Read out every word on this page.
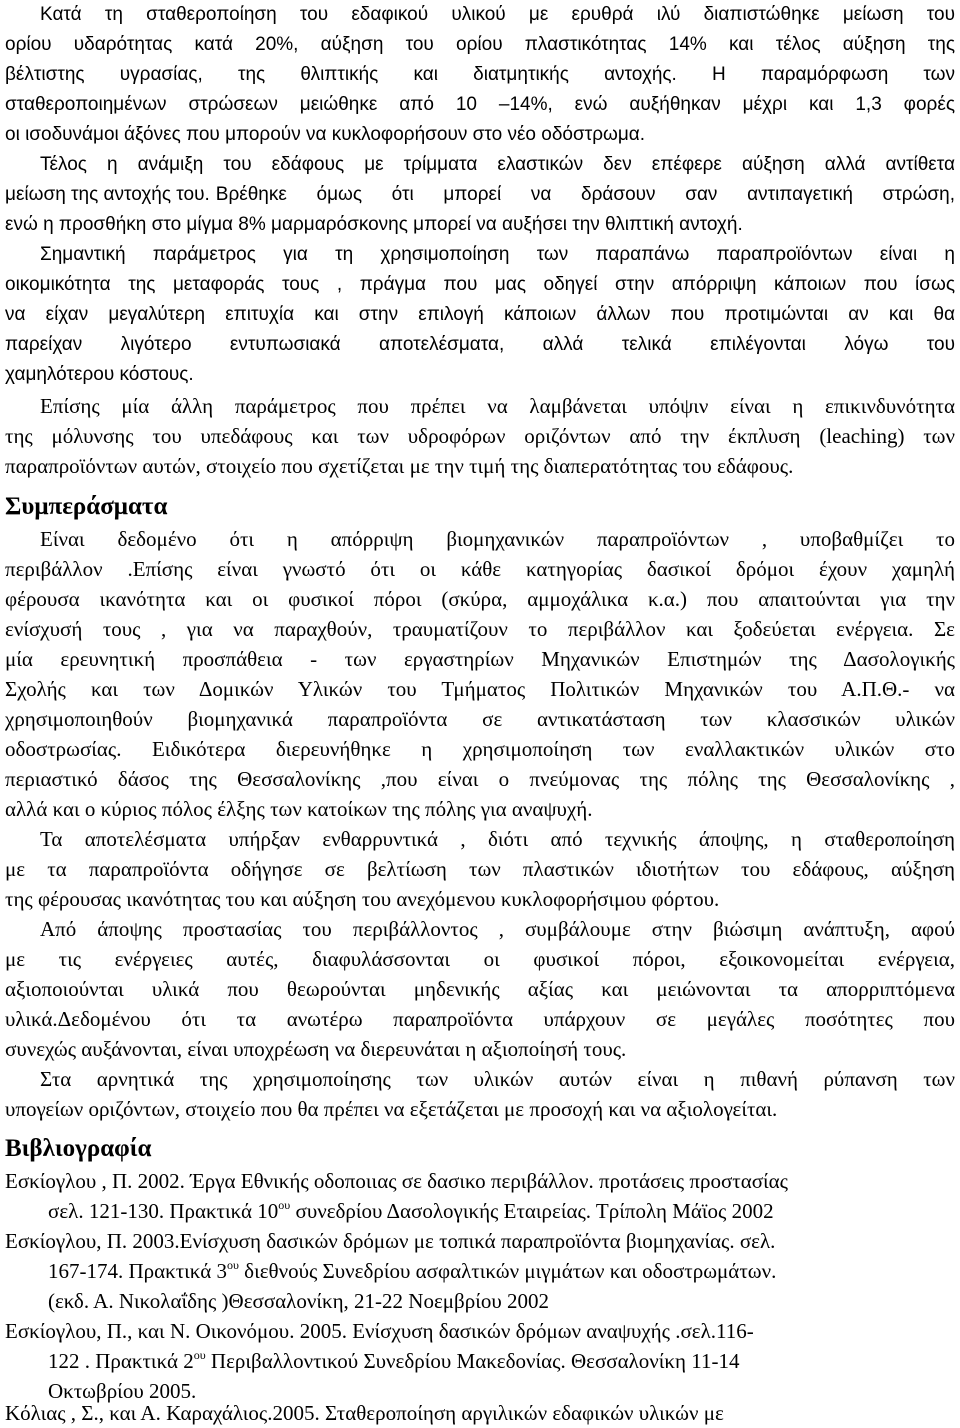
Κατά τη σταθεροποίηση του εδαφικού υλικού με ερυθρά ιλύ διαπιστώθηκε μείωση του
ορίου υδαρότητας κατά 20%, αύξηση του ορίου πλαστικότητας 14% και τέλος αύξηση της
βέλτιστης υγρασίας, της θλιπτικής και διατμητικής αντοχής. Η παραμόρφωση των
σταθεροποιημένων στρώσεων μειώθηκε από 10 –14%, ενώ αυξήθηκαν μέχρι και 1,3 φορές
οι ισοδυνάμοι άξόνες που μπορούν να κυκλοφορήσουν στο νέο οδόστρωμα.
Τέλος η ανάμιξη του εδάφους με τρίμματα ελαστικών δεν επέφερε αύξηση αλλά αντίθετα
μείωση της αντοχής του. Βρέθηκε όμως ότι μπορεί να δράσουν σαν αντιπαγετική στρώση,
ενώ η προσθήκη στο μίγμα 8% μαρμαρόσκονης μπορεί να αυξήσει την θλιπτική αντοχή.
Σημαντική παράμετρος για τη χρησιμοποίηση των παραπάνω παραπροϊόντων είναι η
οικομικότητα της μεταφοράς τους , πράγμα που μας οδηγεί στην απόρριψη κάποιων που ίσως
να είχαν μεγαλύτερη επιτυχία και στην επιλογή κάποιων άλλων που προτιμώνται αν και θα
παρείχαν λιγότερο εντυπωσιακά αποτελέσματα, αλλά τελικά επιλέγονται λόγω του
χαμηλότερου κόστους.
Επίσης μία άλλη παράμετρος που πρέπει να λαμβάνεται υπόψιν είναι η επικινδυνότητα
της μόλυνσης του υπεδάφους και των υδροφόρων οριζόντων από την έκπλυση (leaching) των
παραπροϊόντων αυτών, στοιχείο που σχετίζεται με την τιμή της διαπερατότητας του εδάφους.
Συμπεράσματα
Είναι δεδομένο ότι η απόρριψη βιομηχανικών παραπροϊόντων , υποβαθμίζει το
περιβάλλον .Επίσης είναι γνωστό ότι οι κάθε κατηγορίας δασικοί δρόμοι έχουν χαμηλή
φέρουσα ικανότητα και οι φυσικοί πόροι (σκύρα, αμμοχάλικα κ.α.) που απαιτούνται για την
ενίσχυσή τους , για να παραχθούν, τραυματίζουν το περιβάλλον και ξοδεύεται ενέργεια. Σε
μία ερευνητική προσπάθεια - των εργαστηρίων Μηχανικών Επιστημών της Δασολογικής
Σχολής και των Δομικών Υλικών του Τμήματος Πολιτικών Μηχανικών του Α.Π.Θ.- να
χρησιμοποιηθούν βιομηχανικά παραπροϊόντα σε αντικατάσταση των κλασσικών υλικών
οδοστρωσίας. Ειδικότερα διερευνήθηκε η χρησιμοποίηση των εναλλακτικών υλικών στο
περιαστικό δάσος της Θεσσαλονίκης ,που είναι ο πνεύμονας της πόλης της Θεσσαλονίκης ,
αλλά και ο κύριος πόλος έλξης των κατοίκων της πόλης για αναψυχή.
Τα αποτελέσματα υπήρξαν ενθαρρυντικά , διότι από τεχνικής άποψης, η σταθεροποίηση
με τα παραπροϊόντα οδήγησε σε βελτίωση των πλαστικών ιδιοτήτων του εδάφους, αύξηση
της φέρουσας ικανότητας του και αύξηση του ανεχόμενου κυκλοφορήσιμου φόρτου.
Από άποψης προστασίας του περιβάλλοντος , συμβάλουμε στην βιώσιμη ανάπτυξη, αφού
με τις ενέργειες αυτές, διαφυλάσσονται οι φυσικοί πόροι, εξοικονομείται ενέργεια,
αξιοποιούνται υλικά που θεωρούνται μηδενικής αξίας και μειώνονται τα απορριπτόμενα
υλικά.Δεδομένου ότι τα ανωτέρω παραπροϊόντα υπάρχουν σε μεγάλες ποσότητες που
συνεχώς αυξάνονται, είναι υποχρέωση να διερευνάται η αξιοποίησή τους.
Στα αρνητικά της χρησιμοποίησης των υλικών αυτών είναι η πιθανή ρύπανση των
υπογείων οριζόντων, στοιχείο που θα πρέπει να εξετάζεται με προσοχή και να αξιολογείται.
Βιβλιογραφία
Εσκίογλου , Π. 2002. Έργα Εθνικής οδοποιιας σε δασικο περιβάλλον. προτάσεις προστασίας
σελ. 121-130. Πρακτικά $10^{o\upsilon}$ συνεδρίου Δασολογικής Εταιρείας. Τρίπολη Μάϊος 2002
Εσκίογλου, Π. 2003.Ενίσχυση δασικών δρόμων με τοπικά παραπροϊόντα βιομηχανίας. σελ.
167-174. Πρακτικά $3^{o\upsilon}$ διεθνούς Συνεδρίου ασφαλτικών μιγμάτων και οδοστρωμάτων.
(εκδ. Α. Νικολαΐδης )Θεσσαλονίκη, 21-22 Νοεμβρίου 2002
Εσκίογλου, Π., και Ν. Οικονόμου. 2005. Ενίσχυση δασικών δρόμων αναψυχής .σελ.116-
122 . Πρακτικά $2^{o\upsilon}$ Περιβαλλοντικού Συνεδρίου Μακεδονίας. Θεσσαλονίκη 11-14
Οκτωβρίου 2005.
Κόλιας , Σ., και Α. Καραχάλιος.2005. Σταθεροποίηση αργιλικών εδαφικών υλικών με
